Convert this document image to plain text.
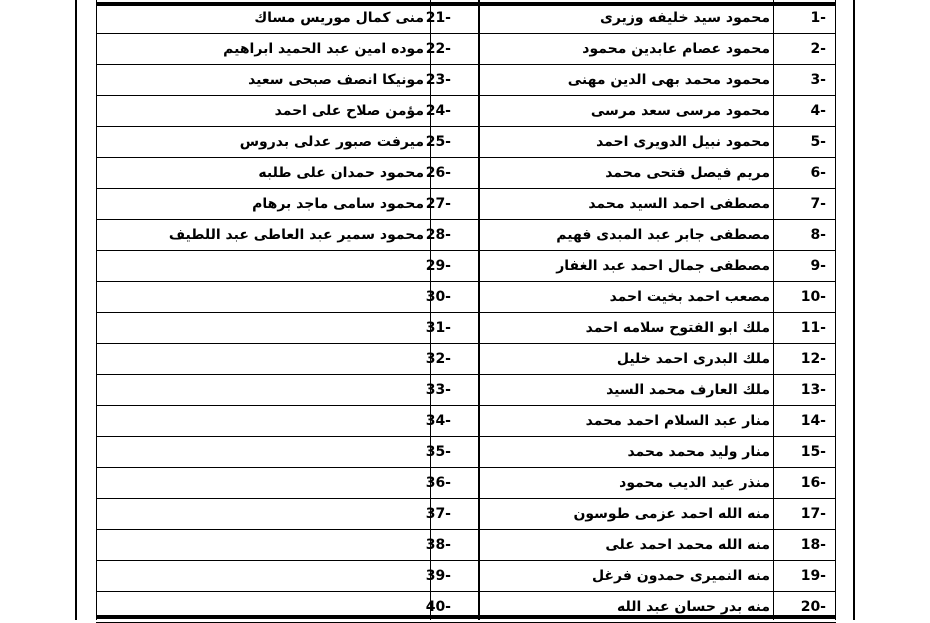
1-
محمود سيد خليفه وزيرى
21-
منى كمال موريس مساك
2-
محمود عصام عابدين محمود
22-
موده امين عبد الحميد ابراهيم
3-
محمود محمد بهى الدين مهنى
23-
مونيكا انصف صبحى سعيد
4-
محمود مرسى سعد مرسى
24-
مؤمن صلاح على احمد
5-
محمود نبيل الدويرى احمد
25-
ميرفت صبور عدلى بدروس
6-
مريم فيصل فتحى محمد
26-
محمود حمدان على طلبه
7-
مصطفى احمد السيد محمد
27-
محمود سامى ماجد برهام
8-
مصطفى جابر عبد المبدى فهيم
28-
محمود سمير عبد العاطى عبد اللطيف
9-
مصطفى جمال احمد عبد الغفار
29-
10-
مصعب احمد بخيت احمد
30-
11-
ملك ابو الفتوح سلامه احمد
31-
12-
ملك البدرى احمد خليل
32-
13-
ملك العارف محمد السيد
33-
14-
منار عبد السلام احمد محمد
34-
15-
منار وليد محمد محمد
35-
16-
منذر عيد الديب محمود
36-
17-
منه الله احمد عزمى طوسون
37-
18-
منه الله محمد احمد على
38-
19-
منه النميرى حمدون فرغل
39-
20-
منه بدر حسان عبد الله
40-
